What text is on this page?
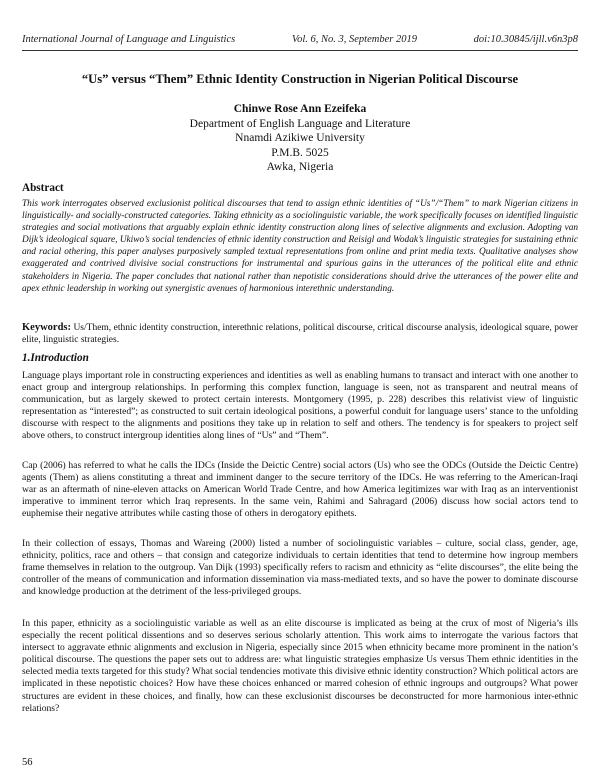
International Journal of Language and Linguistics	Vol. 6, No. 3, September 2019	doi:10.30845/ijll.v6n3p8
“Us” versus “Them” Ethnic Identity Construction in Nigerian Political Discourse
Chinwe Rose Ann Ezeifeka
Department of English Language and Literature
Nnamdi Azikiwe University
P.M.B. 5025
Awka, Nigeria
Abstract
This work interrogates observed exclusionist political discourses that tend to assign ethnic identities of “Us”/“Them” to mark Nigerian citizens in linguistically- and socially-constructed categories. Taking ethnicity as a sociolinguistic variable, the work specifically focuses on identified linguistic strategies and social motivations that arguably explain ethnic identity construction along lines of selective alignments and exclusion. Adopting van Dijk’s ideological square, Ukiwo’s social tendencies of ethnic identity construction and Reisigl and Wodak’s linguistic strategies for sustaining ethnic and racial othering, this paper analyses purposively sampled textual representations from online and print media texts. Qualitative analyses show exaggerated and contrived divisive social constructions for instrumental and spurious gains in the utterances of the political elite and ethnic stakeholders in Nigeria. The paper concludes that national rather than nepotistic considerations should drive the utterances of the power elite and apex ethnic leadership in working out synergistic avenues of harmonious interethnic understanding.
Keywords: Us/Them, ethnic identity construction, interethnic relations, political discourse, critical discourse analysis, ideological square, power elite, linguistic strategies.
1.Introduction
Language plays important role in constructing experiences and identities as well as enabling humans to transact and interact with one another to enact group and intergroup relationships. In performing this complex function, language is seen, not as transparent and neutral means of communication, but as largely skewed to protect certain interests. Montgomery (1995, p. 228) describes this relativist view of linguistic representation as “interested”; as constructed to suit certain ideological positions, a powerful conduit for language users’ stance to the unfolding discourse with respect to the alignments and positions they take up in relation to self and others. The tendency is for speakers to project self above others, to construct intergroup identities along lines of “Us” and “Them”.
Cap (2006) has referred to what he calls the IDCs (Inside the Deictic Centre) social actors (Us) who see the ODCs (Outside the Deictic Centre) agents (Them) as aliens constituting a threat and imminent danger to the secure territory of the IDCs. He was referring to the American-Iraqi war as an aftermath of nine-eleven attacks on American World Trade Centre, and how America legitimizes war with Iraq as an interventionist imperative to imminent terror which Iraq represents. In the same vein, Rahimi and Sahragard (2006) discuss how social actors tend to euphemise their negative attributes while casting those of others in derogatory epithets.
In their collection of essays, Thomas and Wareing (2000) listed a number of sociolinguistic variables – culture, social class, gender, age, ethnicity, politics, race and others – that consign and categorize individuals to certain identities that tend to determine how ingroup members frame themselves in relation to the outgroup. Van Dijk (1993) specifically refers to racism and ethnicity as “elite discourses”, the elite being the controller of the means of communication and information dissemination via mass-mediated texts, and so have the power to dominate discourse and knowledge production at the detriment of the less-privileged groups.
In this paper, ethnicity as a sociolinguistic variable as well as an elite discourse is implicated as being at the crux of most of Nigeria’s ills especially the recent political dissentions and so deserves serious scholarly attention. This work aims to interrogate the various factors that intersect to aggravate ethnic alignments and exclusion in Nigeria, especially since 2015 when ethnicity became more prominent in the nation’s political discourse. The questions the paper sets out to address are: what linguistic strategies emphasize Us versus Them ethnic identities in the selected media texts targeted for this study? What social tendencies motivate this divisive ethnic identity construction? Which political actors are implicated in these nepotistic choices? How have these choices enhanced or marred cohesion of ethnic ingroups and outgroups? What power structures are evident in these choices, and finally, how can these exclusionist discourses be deconstructed for more harmonious inter-ethnic relations?
56
